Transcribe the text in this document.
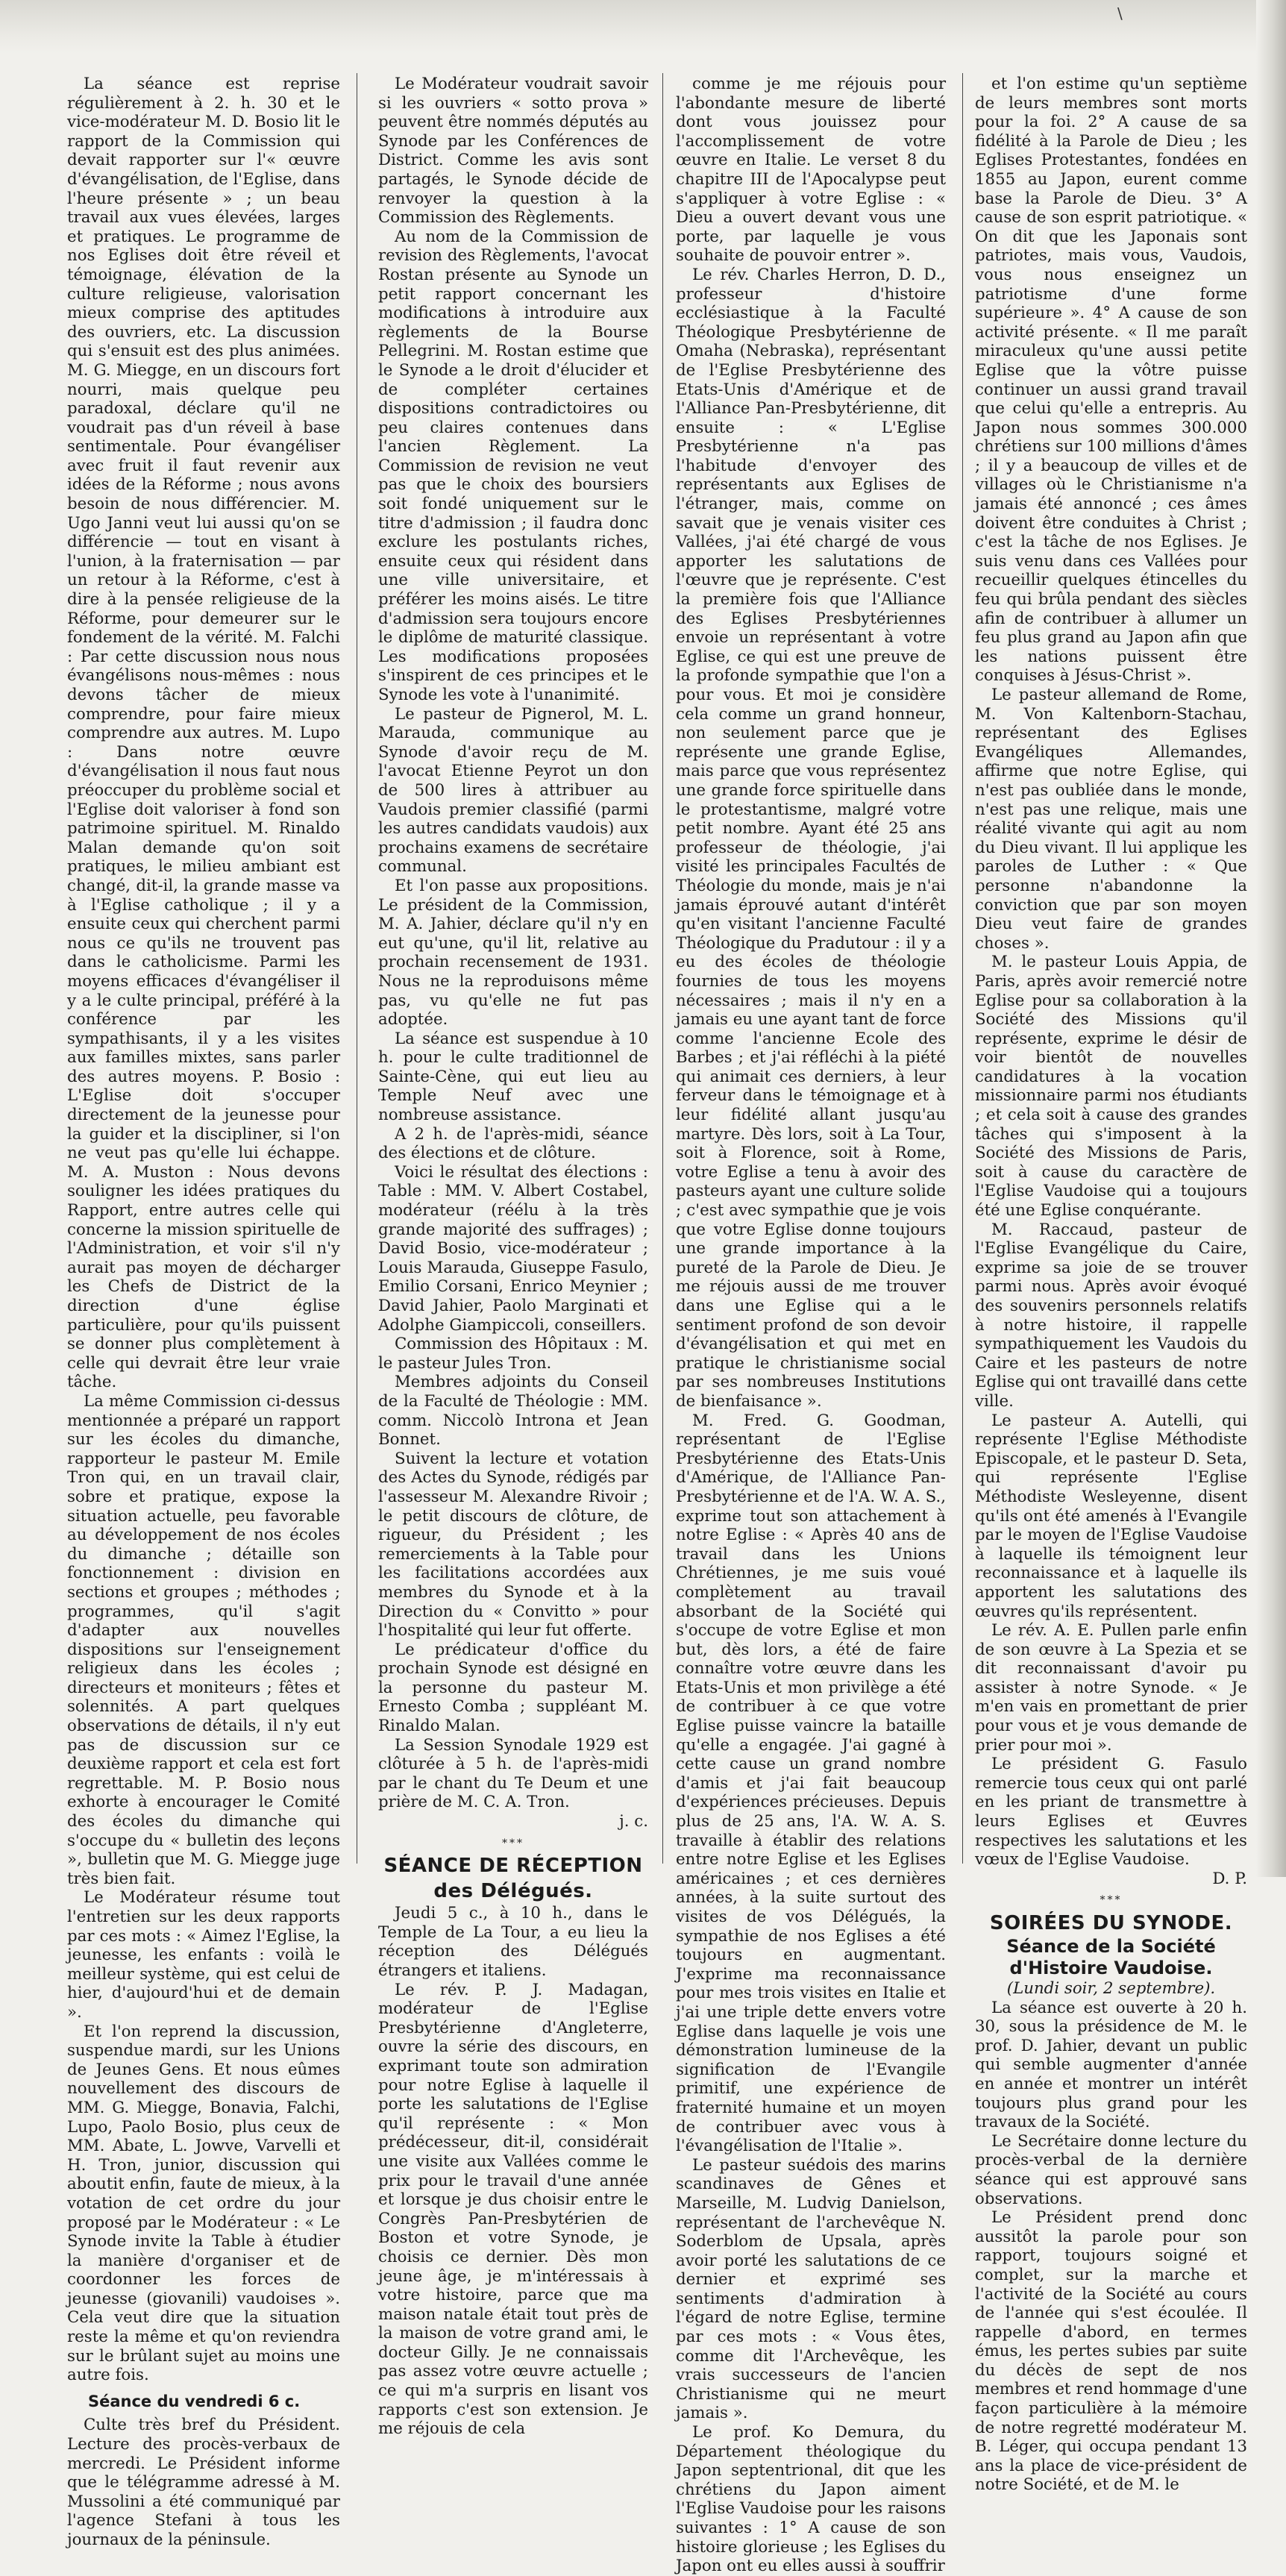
\

La séance est reprise régulièrement à 2. h. 30 et le vice-modérateur M. D. Bosio lit le rapport de la Commission qui devait rapporter sur l'« œuvre d'évangélisation, de l'Eglise, dans l'heure présente » ; un beau travail aux vues élevées, larges et pratiques. Le programme de nos Eglises doit être réveil et témoignage, élévation de la culture religieuse, valorisation mieux comprise des aptitudes des ouvriers, etc. La discussion qui s'ensuit est des plus animées. M. G. Miegge, en un discours fort nourri, mais quelque peu paradoxal, déclare qu'il ne voudrait pas d'un réveil à base sentimentale. Pour évangéliser avec fruit il faut revenir aux idées de la Réforme ; nous avons besoin de nous différencier. M. Ugo Janni veut lui aussi qu'on se différencie — tout en visant à l'union, à la fraternisation — par un retour à la Réforme, c'est à dire à la pensée religieuse de la Réforme, pour demeurer sur le fondement de la vérité. M. Falchi : Par cette discussion nous nous évangélisons nous-mêmes : nous devons tâcher de mieux comprendre, pour faire mieux comprendre aux autres. M. Lupo : Dans notre œuvre d'évangélisation il nous faut nous préoccuper du problème social et l'Eglise doit valoriser à fond son patrimoine spirituel. M. Rinaldo Malan demande qu'on soit pratiques, le milieu ambiant est changé, dit-il, la grande masse va à l'Eglise catholique ; il y a ensuite ceux qui cherchent parmi nous ce qu'ils ne trouvent pas dans le catholicisme. Parmi les moyens efficaces d'évangéliser il y a le culte principal, préféré à la conférence par les sympathisants, il y a les visites aux familles mixtes, sans parler des autres moyens. P. Bosio : L'Eglise doit s'occuper directement de la jeunesse pour la guider et la discipliner, si l'on ne veut pas qu'elle lui échappe. M. A. Muston : Nous devons souligner les idées pratiques du Rapport, entre autres celle qui concerne la mission spirituelle de l'Administration, et voir s'il n'y aurait pas moyen de décharger les Chefs de District de la direction d'une église particulière, pour qu'ils puissent se donner plus complètement à celle qui devrait être leur vraie tâche.

La même Commission ci-dessus mentionnée a préparé un rapport sur les écoles du dimanche, rapporteur le pasteur M. Emile Tron qui, en un travail clair, sobre et pratique, expose la situation actuelle, peu favorable au développement de nos écoles du dimanche ; détaille son fonctionnement : division en sections et groupes ; méthodes ; programmes, qu'il s'agit d'adapter aux nouvelles dispositions sur l'enseignement religieux dans les écoles ; directeurs et moniteurs ; fêtes et solennités. A part quelques observations de détails, il n'y eut pas de discussion sur ce deuxième rapport et cela est fort regrettable. M. P. Bosio nous exhorte à encourager le Comité des écoles du dimanche qui s'occupe du « bulletin des leçons », bulletin que M. G. Miegge juge très bien fait.

Le Modérateur résume tout l'entretien sur les deux rapports par ces mots : « Aimez l'Eglise, la jeunesse, les enfants : voilà le meilleur système, qui est celui de hier, d'aujourd'hui et de demain ».

Et l'on reprend la discussion, suspendue mardi, sur les Unions de Jeunes Gens. Et nous eûmes nouvellement des discours de MM. G. Miegge, Bonavia, Falchi, Lupo, Paolo Bosio, plus ceux de MM. Abate, L. Jowve, Varvelli et H. Tron, junior, discussion qui aboutit enfin, faute de mieux, à la votation de cet ordre du jour proposé par le Modérateur : « Le Synode invite la Table à étudier la manière d'organiser et de coordonner les forces de jeunesse (giovanili) vaudoises ». Cela veut dire que la situation reste la même et qu'on reviendra sur le brûlant sujet au moins une autre fois.

Séance du vendredi 6 c.

Culte très bref du Président. Lecture des procès-verbaux de mercredi. Le Président informe que le télégramme adressé à M. Mussolini a été communiqué par l'agence Stefani à tous les journaux de la péninsule.

Le Modérateur voudrait savoir si les ouvriers « sotto prova » peuvent être nommés députés au Synode par les Conférences de District. Comme les avis sont partagés, le Synode décide de renvoyer la question à la Commission des Règlements.

Au nom de la Commission de revision des Règlements, l'avocat Rostan présente au Synode un petit rapport concernant les modifications à introduire aux règlements de la Bourse Pellegrini. M. Rostan estime que le Synode a le droit d'élucider et de compléter certaines dispositions contradictoires ou peu claires contenues dans l'ancien Règlement. La Commission de revision ne veut pas que le choix des boursiers soit fondé uniquement sur le titre d'admission ; il faudra donc exclure les postulants riches, ensuite ceux qui résident dans une ville universitaire, et préférer les moins aisés. Le titre d'admission sera toujours encore le diplôme de maturité classique. Les modifications proposées s'inspirent de ces principes et le Synode les vote à l'unanimité.

Le pasteur de Pignerol, M. L. Marauda, communique au Synode d'avoir reçu de M. l'avocat Etienne Peyrot un don de 500 lires à attribuer au Vaudois premier classifié (parmi les autres candidats vaudois) aux prochains examens de secrétaire communal.

Et l'on passe aux propositions. Le président de la Commission, M. A. Jahier, déclare qu'il n'y en eut qu'une, qu'il lit, relative au prochain recensement de 1931. Nous ne la reproduisons même pas, vu qu'elle ne fut pas adoptée.

La séance est suspendue à 10 h. pour le culte traditionnel de Sainte-Cène, qui eut lieu au Temple Neuf avec une nombreuse assistance.

A 2 h. de l'après-midi, séance des élections et de clôture.

Voici le résultat des élections : Table : MM. V. Albert Costabel, modérateur (réélu à la très grande majorité des suffrages) ; David Bosio, vice-modérateur ; Louis Marauda, Giuseppe Fasulo, Emilio Corsani, Enrico Meynier ; David Jahier, Paolo Marginati et Adolphe Giampiccoli, conseillers.

Commission des Hôpitaux : M. le pasteur Jules Tron.

Membres adjoints du Conseil de la Faculté de Théologie : MM. comm. Niccolò Introna et Jean Bonnet.

Suivent la lecture et votation des Actes du Synode, rédigés par l'assesseur M. Alexandre Rivoir ; le petit discours de clôture, de rigueur, du Président ; les remerciements à la Table pour les facilitations accordées aux membres du Synode et à la Direction du « Convitto » pour l'hospitalité qui leur fut offerte.

Le prédicateur d'office du prochain Synode est désigné en la personne du pasteur M. Ernesto Comba ; suppléant M. Rinaldo Malan.

La Session Synodale 1929 est clôturée à 5 h. de l'après-midi par le chant du Te Deum et une prière de M. C. A. Tron.

j. c.

***

SÉANCE DE RÉCEPTION des Délégués.

Jeudi 5 c., à 10 h., dans le Temple de La Tour, a eu lieu la réception des Délégués étrangers et italiens.

Le rév. P. J. Madagan, modérateur de l'Eglise Presbytérienne d'Angleterre, ouvre la série des discours, en exprimant toute son admiration pour notre Eglise à laquelle il porte les salutations de l'Eglise qu'il représente : « Mon prédécesseur, dit-il, considérait une visite aux Vallées comme le prix pour le travail d'une année et lorsque je dus choisir entre le Congrès Pan-Presbytérien de Boston et votre Synode, je choisis ce dernier. Dès mon jeune âge, je m'intéressais à votre histoire, parce que ma maison natale était tout près de la maison de votre grand ami, le docteur Gilly. Je ne connaissais pas assez votre œuvre actuelle ; ce qui m'a surpris en lisant vos rapports c'est son extension. Je me réjouis de cela

comme je me réjouis pour l'abondante mesure de liberté dont vous jouissez pour l'accomplissement de votre œuvre en Italie. Le verset 8 du chapitre III de l'Apocalypse peut s'appliquer à votre Eglise : « Dieu a ouvert devant vous une porte, par laquelle je vous souhaite de pouvoir entrer ».

Le rév. Charles Herron, D. D., professeur d'histoire ecclésiastique à la Faculté Théologique Presbytérienne de Omaha (Nebraska), représentant de l'Eglise Presbytérienne des Etats-Unis d'Amérique et de l'Alliance Pan-Presbytérienne, dit ensuite : « L'Eglise Presbytérienne n'a pas l'habitude d'envoyer des représentants aux Eglises de l'étranger, mais, comme on savait que je venais visiter ces Vallées, j'ai été chargé de vous apporter les salutations de l'œuvre que je représente. C'est la première fois que l'Alliance des Eglises Presbytériennes envoie un représentant à votre Eglise, ce qui est une preuve de la profonde sympathie que l'on a pour vous. Et moi je considère cela comme un grand honneur, non seulement parce que je représente une grande Eglise, mais parce que vous représentez une grande force spirituelle dans le protestantisme, malgré votre petit nombre. Ayant été 25 ans professeur de théologie, j'ai visité les principales Facultés de Théologie du monde, mais je n'ai jamais éprouvé autant d'intérêt qu'en visitant l'ancienne Faculté Théologique du Pradutour : il y a eu des écoles de théologie fournies de tous les moyens nécessaires ; mais il n'y en a jamais eu une ayant tant de force comme l'ancienne Ecole des Barbes ; et j'ai réfléchi à la piété qui animait ces derniers, à leur ferveur dans le témoignage et à leur fidélité allant jusqu'au martyre. Dès lors, soit à La Tour, soit à Florence, soit à Rome, votre Eglise a tenu à avoir des pasteurs ayant une culture solide ; c'est avec sympathie que je vois que votre Eglise donne toujours une grande importance à la pureté de la Parole de Dieu. Je me réjouis aussi de me trouver dans une Eglise qui a le sentiment profond de son devoir d'évangélisation et qui met en pratique le christianisme social par ses nombreuses Institutions de bienfaisance ».

M. Fred. G. Goodman, représentant de l'Eglise Presbytérienne des Etats-Unis d'Amérique, de l'Alliance Pan-Presbytérienne et de l'A. W. A. S., exprime tout son attachement à notre Eglise : « Après 40 ans de travail dans les Unions Chrétiennes, je me suis voué complètement au travail absorbant de la Société qui s'occupe de votre Eglise et mon but, dès lors, a été de faire connaître votre œuvre dans les Etats-Unis et mon privilège a été de contribuer à ce que votre Eglise puisse vaincre la bataille qu'elle a engagée. J'ai gagné à cette cause un grand nombre d'amis et j'ai fait beaucoup d'expériences précieuses. Depuis plus de 25 ans, l'A. W. A. S. travaille à établir des relations entre notre Eglise et les Eglises américaines ; et ces dernières années, à la suite surtout des visites de vos Délégués, la sympathie de nos Eglises a été toujours en augmentant. J'exprime ma reconnaissance pour mes trois visites en Italie et j'ai une triple dette envers votre Eglise dans laquelle je vois une démonstration lumineuse de la signification de l'Evangile primitif, une expérience de fraternité humaine et un moyen de contribuer avec vous à l'évangélisation de l'Italie ».

Le pasteur suédois des marins scandinaves de Gênes et Marseille, M. Ludvig Danielson, représentant de l'archevêque N. Soderblom de Upsala, après avoir porté les salutations de ce dernier et exprimé ses sentiments d'admiration à l'égard de notre Eglise, termine par ces mots : « Vous êtes, comme dit l'Archevêque, les vrais successeurs de l'ancien Christianisme qui ne meurt jamais ».

Le prof. Ko Demura, du Département théologique du Japon septentrional, dit que les chrétiens du Japon aiment l'Eglise Vaudoise pour les raisons suivantes : 1° A cause de son histoire glorieuse ; les Eglises du Japon ont eu elles aussi à souffrir

et l'on estime qu'un septième de leurs membres sont morts pour la foi. 2° A cause de sa fidélité à la Parole de Dieu ; les Eglises Protestantes, fondées en 1855 au Japon, eurent comme base la Parole de Dieu. 3° A cause de son esprit patriotique. « On dit que les Japonais sont patriotes, mais vous, Vaudois, vous nous enseignez un patriotisme d'une forme supérieure ». 4° A cause de son activité présente. « Il me paraît miraculeux qu'une aussi petite Eglise que la vôtre puisse continuer un aussi grand travail que celui qu'elle a entrepris. Au Japon nous sommes 300.000 chrétiens sur 100 millions d'âmes ; il y a beaucoup de villes et de villages où le Christianisme n'a jamais été annoncé ; ces âmes doivent être conduites à Christ ; c'est la tâche de nos Eglises. Je suis venu dans ces Vallées pour recueillir quelques étincelles du feu qui brûla pendant des siècles afin de contribuer à allumer un feu plus grand au Japon afin que les nations puissent être conquises à Jésus-Christ ».

Le pasteur allemand de Rome, M. Von Kaltenborn-Stachau, représentant des Eglises Evangéliques Allemandes, affirme que notre Eglise, qui n'est pas oubliée dans le monde, n'est pas une relique, mais une réalité vivante qui agit au nom du Dieu vivant. Il lui applique les paroles de Luther : « Que personne n'abandonne la conviction que par son moyen Dieu veut faire de grandes choses ».

M. le pasteur Louis Appia, de Paris, après avoir remercié notre Eglise pour sa collaboration à la Société des Missions qu'il représente, exprime le désir de voir bientôt de nouvelles candidatures à la vocation missionnaire parmi nos étudiants ; et cela soit à cause des grandes tâches qui s'imposent à la Société des Missions de Paris, soit à cause du caractère de l'Eglise Vaudoise qui a toujours été une Eglise conquérante.

M. Raccaud, pasteur de l'Eglise Evangélique du Caire, exprime sa joie de se trouver parmi nous. Après avoir évoqué des souvenirs personnels relatifs à notre histoire, il rappelle sympathiquement les Vaudois du Caire et les pasteurs de notre Eglise qui ont travaillé dans cette ville.

Le pasteur A. Autelli, qui représente l'Eglise Méthodiste Episcopale, et le pasteur D. Seta, qui représente l'Eglise Méthodiste Wesleyenne, disent qu'ils ont été amenés à l'Evangile par le moyen de l'Eglise Vaudoise à laquelle ils témoignent leur reconnaissance et à laquelle ils apportent les salutations des œuvres qu'ils représentent.

Le rév. A. E. Pullen parle enfin de son œuvre à La Spezia et se dit reconnaissant d'avoir pu assister à notre Synode. « Je m'en vais en promettant de prier pour vous et je vous demande de prier pour moi ».

Le président G. Fasulo remercie tous ceux qui ont parlé en les priant de transmettre à leurs Eglises et Œuvres respectives les salutations et les vœux de l'Eglise Vaudoise.

D. P.

***

SOIRÉES DU SYNODE.

Séance de la Société d'Histoire Vaudoise.

(Lundi soir, 2 septembre).

La séance est ouverte à 20 h. 30, sous la présidence de M. le prof. D. Jahier, devant un public qui semble augmenter d'année en année et montrer un intérêt toujours plus grand pour les travaux de la Société.

Le Secrétaire donne lecture du procès-verbal de la dernière séance qui est approuvé sans observations.

Le Président prend donc aussitôt la parole pour son rapport, toujours soigné et complet, sur la marche et l'activité de la Société au cours de l'année qui s'est écoulée. Il rappelle d'abord, en termes émus, les pertes subies par suite du décès de sept de nos membres et rend hommage d'une façon particulière à la mémoire de notre regretté modérateur M. B. Léger, qui occupa pendant 13 ans la place de vice-président de notre Société, et de M. le
